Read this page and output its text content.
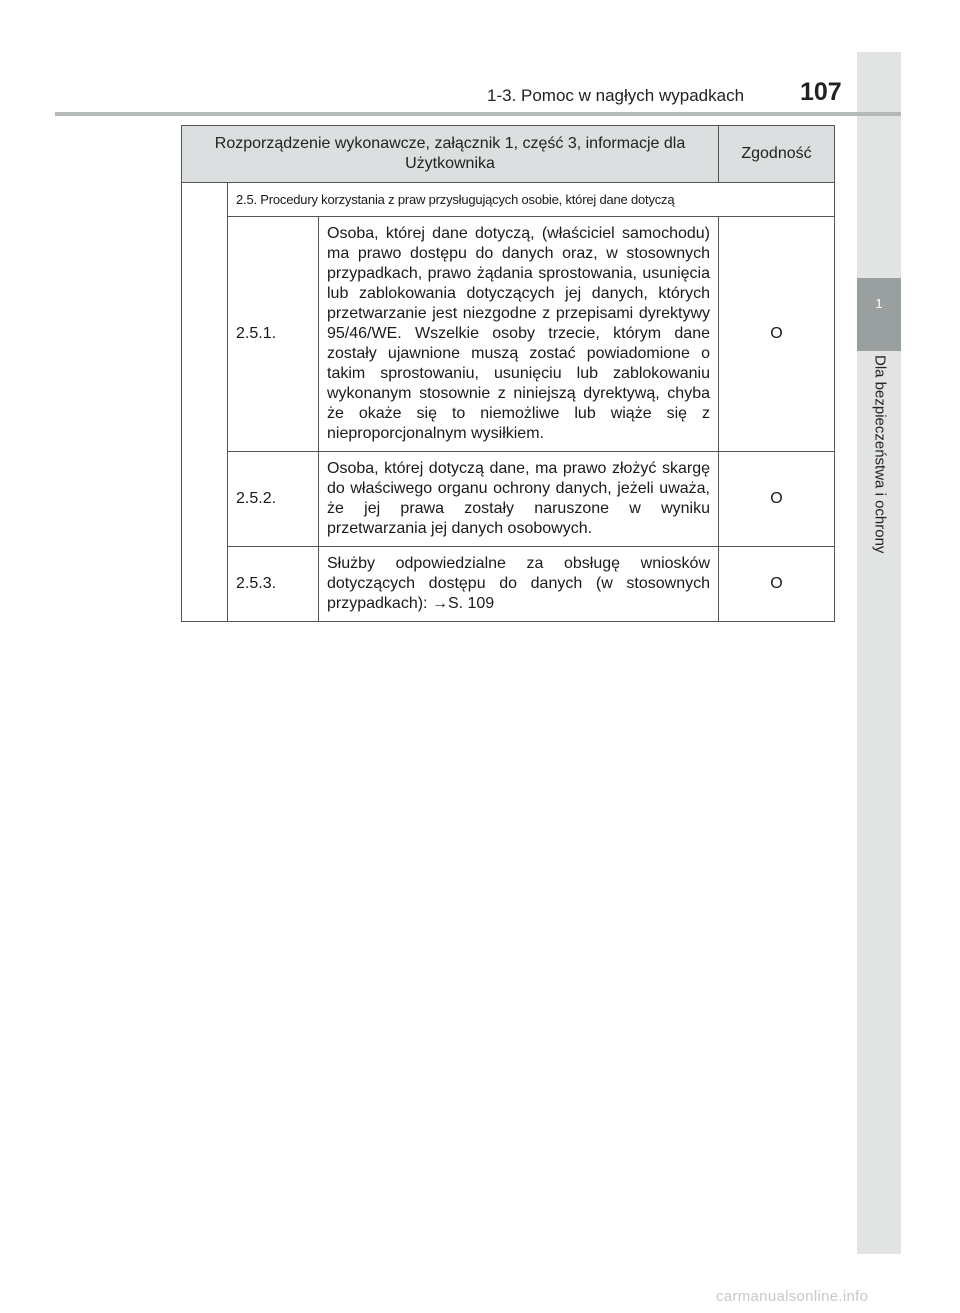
1
Dla bezpieczeństwa i ochrony
1-3. Pomoc w nagłych wypadkach 107
Rozporządzenie wykonawcze, załącznik 1, część 3, informacje dla Użytkownika			Zgodność
	2.5. Procedury korzystania z praw przysługujących osobie, której dane dotyczą		
	2.5.1.	Osoba, której dane dotyczą, (właściciel samochodu) ma prawo dostępu do danych oraz, w stosownych przypadkach, prawo żądania sprostowania, usunięcia lub zablokowania dotyczących jej danych, których przetwarzanie jest niezgodne z przepisami dyrektywy 95/46/WE. Wszelkie osoby trzecie, którym dane zostały ujawnione muszą zostać powiadomione o takim sprostowaniu, usunięciu lub zablokowaniu wykonanym stosownie z niniejszą dyrektywą, chyba że okaże się to niemożliwe lub wiąże się z nieproporcjonalnym wysiłkiem.	O
	2.5.2.	Osoba, której dotyczą dane, ma prawo złożyć skargę do właściwego organu ochrony danych, jeżeli uważa, że jej prawa zostały naruszone w wyniku przetwarzania jej danych osobowych.	O
	2.5.3.	Służby odpowiedzialne za obsługę wniosków dotyczących dostępu do danych (w stosownych przypadkach): →S. 109	O
carmanualsonline.info
